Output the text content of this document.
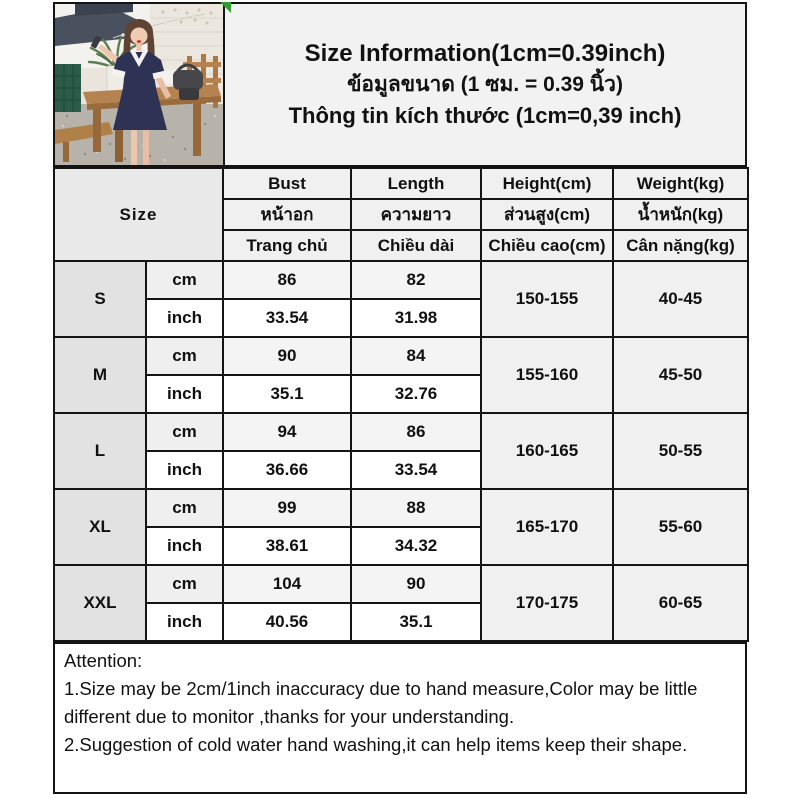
Size Information(1cm=0.39inch)
ข้อมูลขนาด (1 ซม. = 0.39 นิ้ว)
Thông tin kích thước (1cm=0,39 inch)
Size		Bust	Length	Height(cm)	Weight(kg)
		หน้าอก	ความยาว	ส่วนสูง(cm)	น้ำหนัก(kg)
		Trang chủ	Chiều dài	Chiều cao(cm)	Cân nặng(kg)
S	cm	86	82	150-155	40-45
	inch	33.54	31.98		
M	cm	90	84	155-160	45-50
	inch	35.1	32.76		
L	cm	94	86	160-165	50-55
	inch	36.66	33.54		
XL	cm	99	88	165-170	55-60
	inch	38.61	34.32		
XXL	cm	104	90	170-175	60-65
	inch	40.56	35.1		
Attention:
1.Size may be 2cm/1inch inaccuracy due to hand measure,Color may be little different due to monitor ,thanks for your understanding.
2.Suggestion of cold water hand washing,it can help items keep their shape.
